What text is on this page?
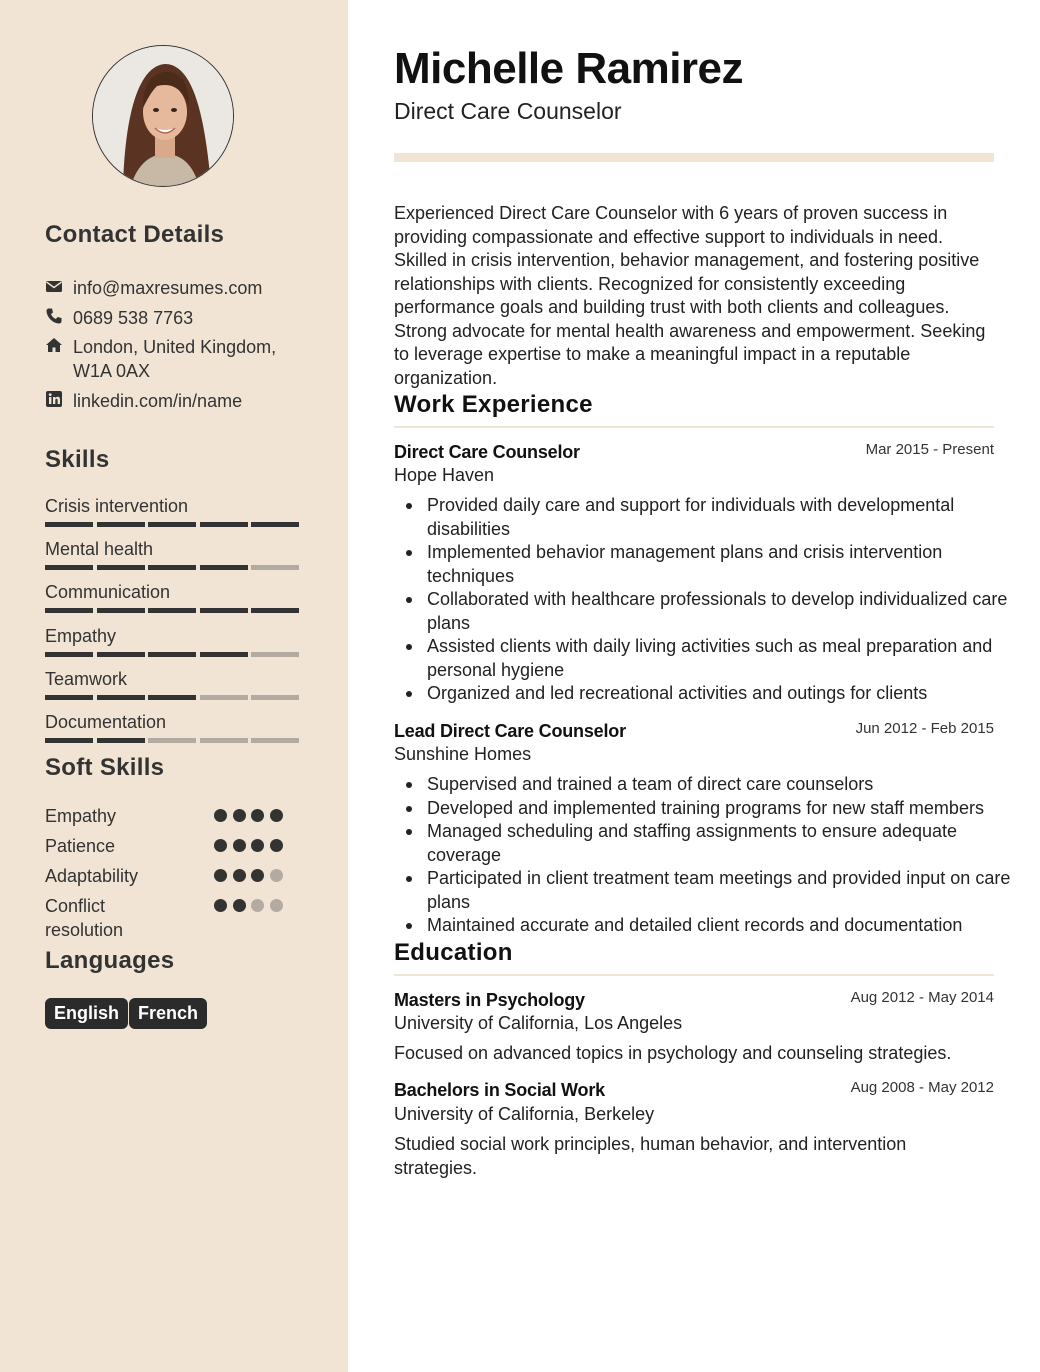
Contact Details
info@maxresumes.com
0689 538 7763
London, United Kingdom,
W1A 0AX
linkedin.com/in/name
Skills
Crisis intervention
Mental health
Communication
Empathy
Teamwork
Documentation
Soft Skills
Empathy
Patience
Adaptability
Conflict resolution
Languages
English	French
Michelle Ramirez
Direct Care Counselor

Experienced Direct Care Counselor with 6 years of proven success in providing compassionate and effective support to individuals in need. Skilled in crisis intervention, behavior management, and fostering positive relationships with clients. Recognized for consistently exceeding performance goals and building trust with both clients and colleagues. Strong advocate for mental health awareness and empowerment. Seeking to leverage expertise to make a meaningful impact in a reputable organization.

Work Experience
Direct Care Counselor	Mar 2015 - Present
Hope Haven
Provided daily care and support for individuals with developmental disabilities
Implemented behavior management plans and crisis intervention techniques
Collaborated with healthcare professionals to develop individualized care plans
Assisted clients with daily living activities such as meal preparation and personal hygiene
Organized and led recreational activities and outings for clients
Lead Direct Care Counselor	Jun 2012 - Feb 2015
Sunshine Homes
Supervised and trained a team of direct care counselors
Developed and implemented training programs for new staff members
Managed scheduling and staffing assignments to ensure adequate coverage
Participated in client treatment team meetings and provided input on care plans
Maintained accurate and detailed client records and documentation
Education
Masters in Psychology	Aug 2012 - May 2014
University of California, Los Angeles

Focused on advanced topics in psychology and counseling strategies.

Bachelors in Social Work	Aug 2008 - May 2012
University of California, Berkeley

Studied social work principles, human behavior, and intervention strategies.
